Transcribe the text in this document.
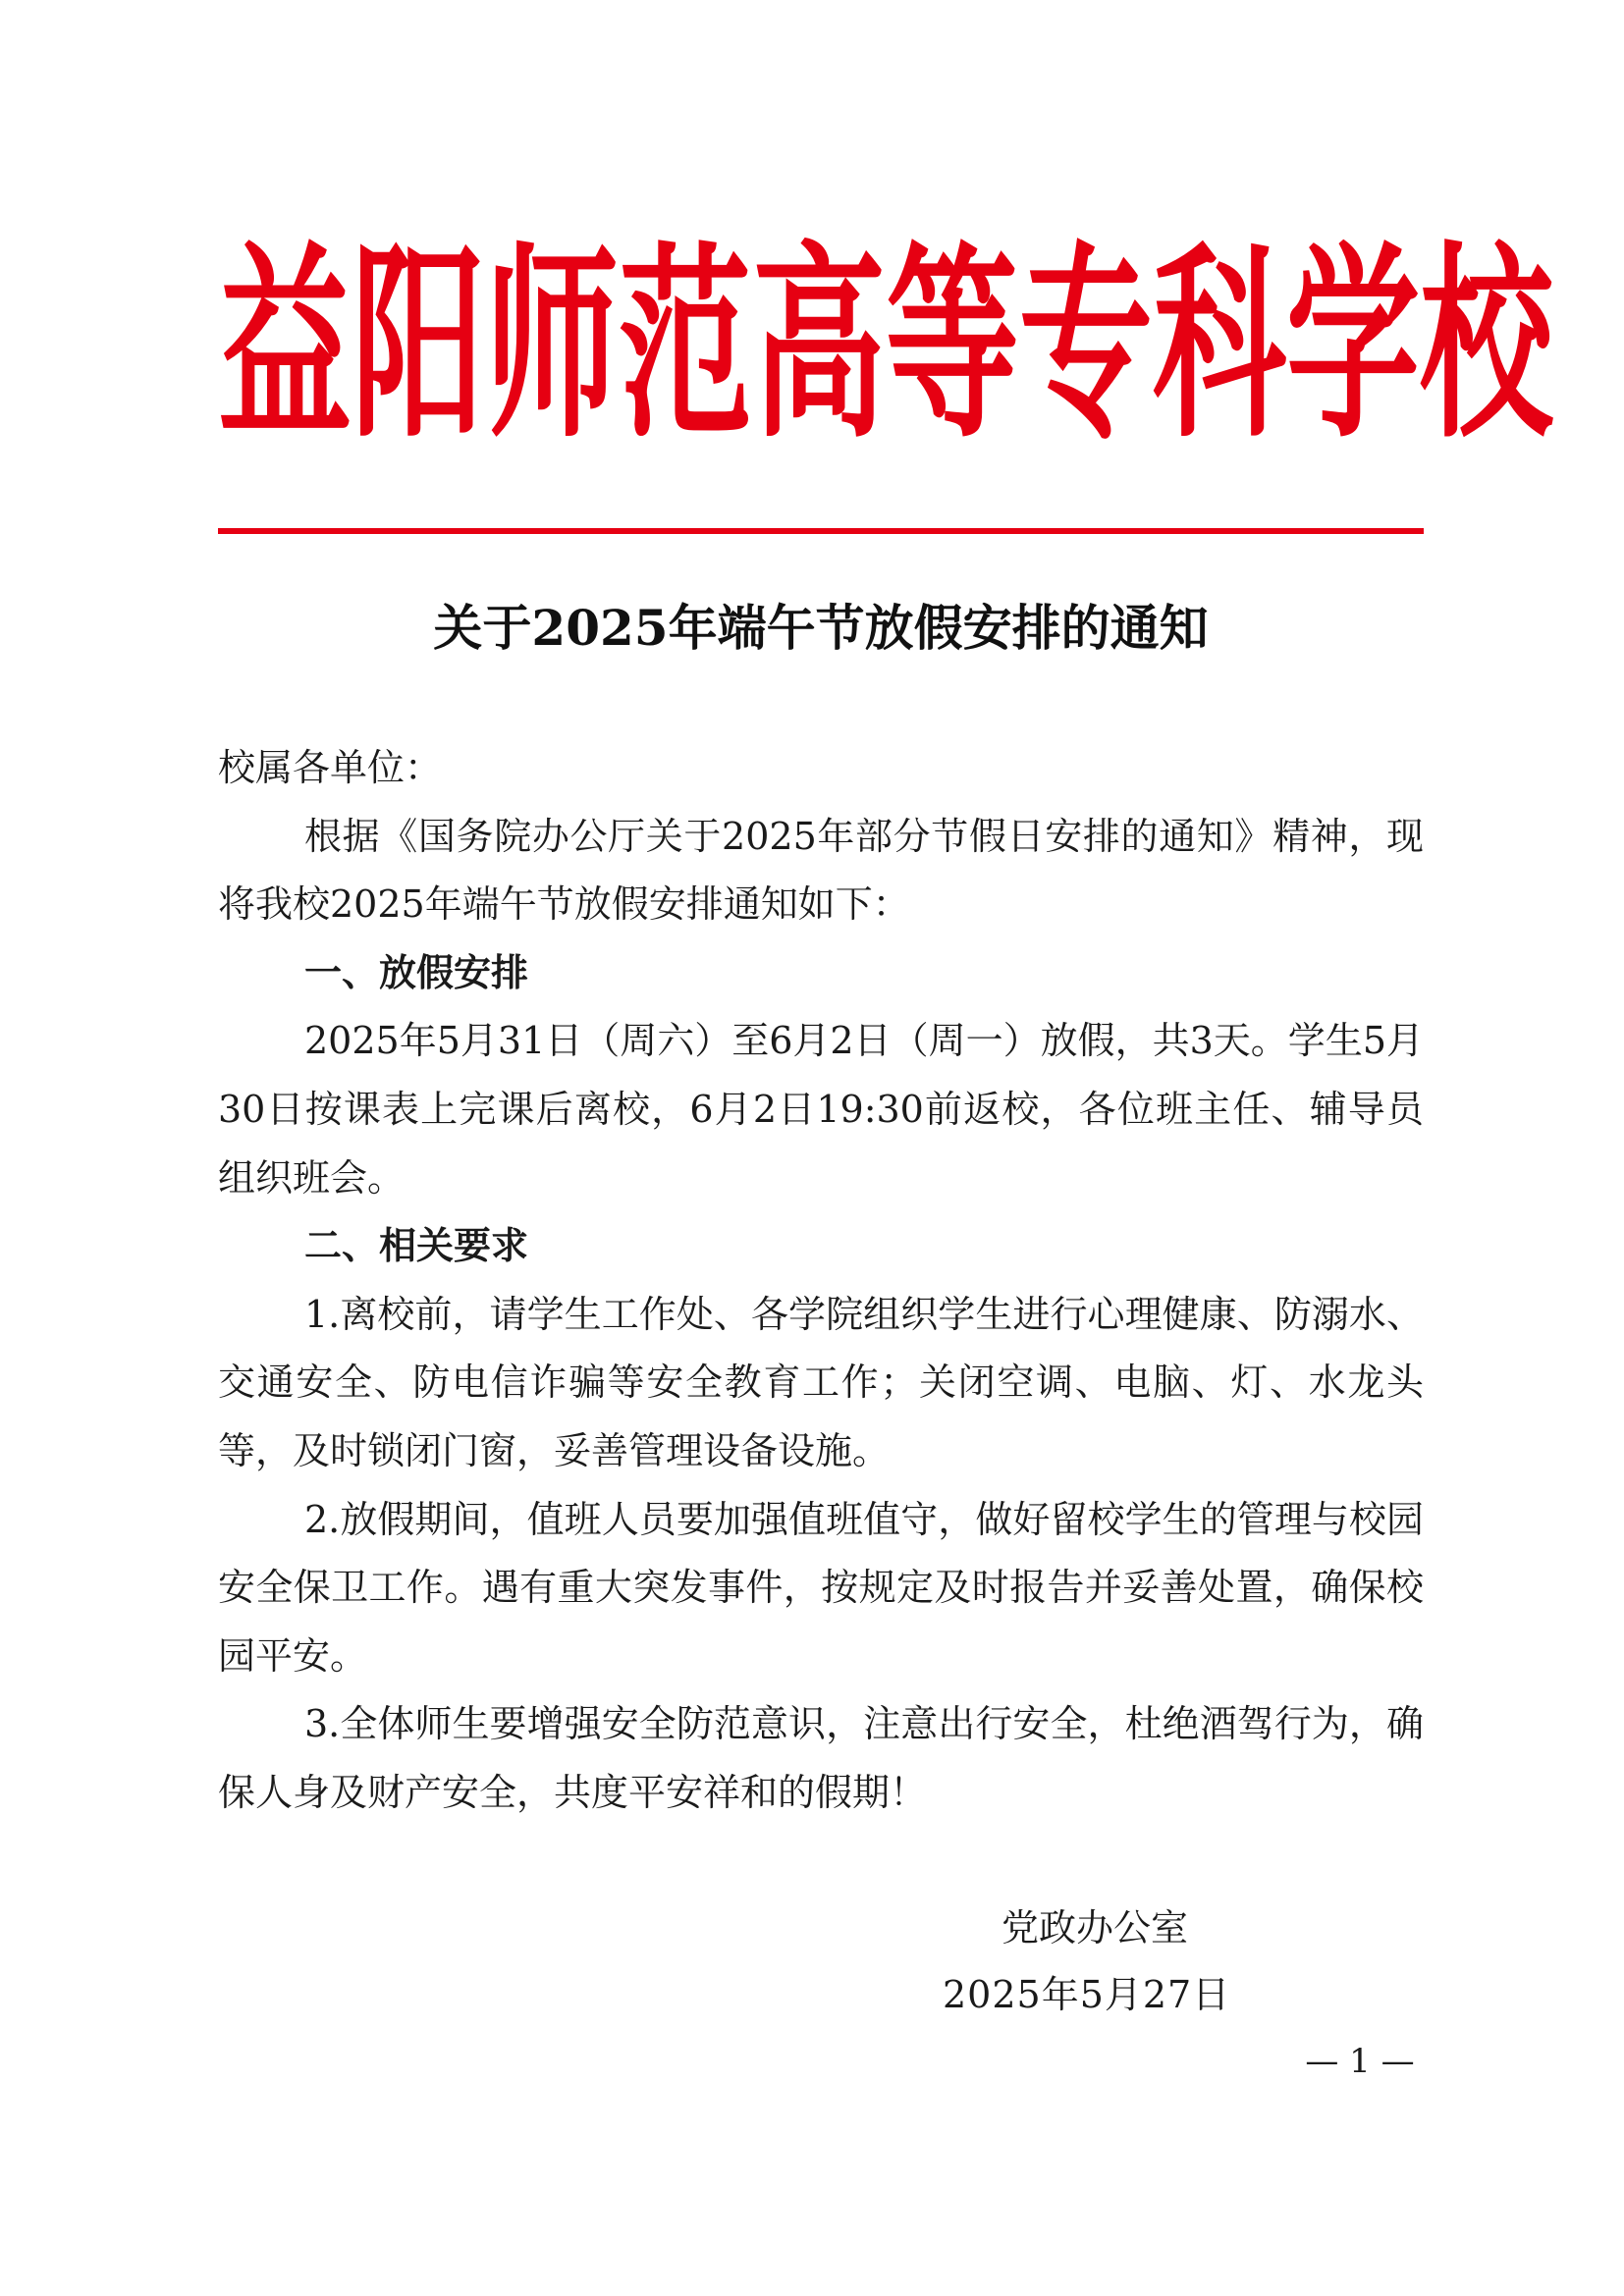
益阳师范高等专科学校
关于2025年端午节放假安排的通知

校属各单位：

根据《国务院办公厅关于2025年部分节假日安排的通知》精神，现将我校2025年端午节放假安排通知如下：

一、放假安排

2025年5月31日（周六）至6月2日（周一）放假，共3天。学生5月30日按课表上完课后离校，6月2日19:30前返校，各位班主任、辅导员组织班会。

二、相关要求

1.离校前，请学生工作处、各学院组织学生进行心理健康、防溺水、交通安全、防电信诈骗等安全教育工作；关闭空调、电脑、灯、水龙头等，及时锁闭门窗，妥善管理设备设施。

2.放假期间，值班人员要加强值班值守，做好留校学生的管理与校园安全保卫工作。遇有重大突发事件，按规定及时报告并妥善处置，确保校园平安。

3.全体师生要增强安全防范意识，注意出行安全，杜绝酒驾行为，确保人身及财产安全，共度平安祥和的假期！

党政办公室
2025年5月27日
— 1 —
